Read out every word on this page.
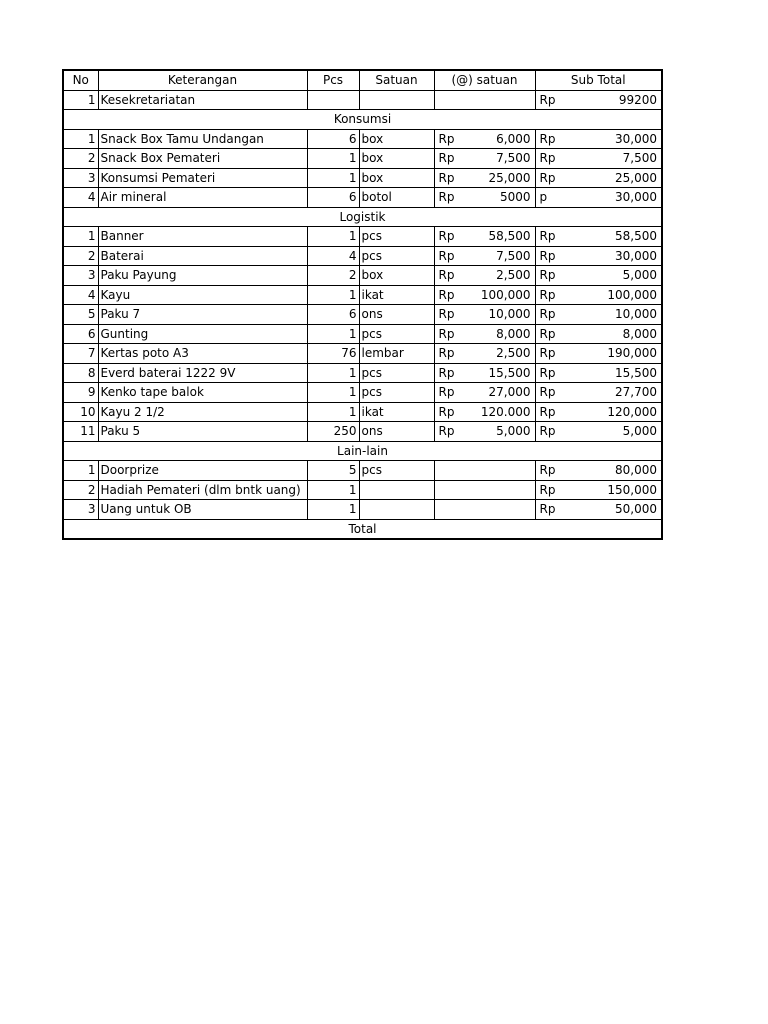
No	Keterangan	Pcs	Satuan	(@) satuan	Sub Total
1	Kesekretariatan				Rp 99200

Konsumsi					
1	Snack Box Tamu Undangan	6	box	Rp 6,000	Rp 30,000

2	Snack Box Pemateri	1	box	Rp 7,500	Rp 7,500

3	Konsumsi Pemateri	1	box	Rp 25,000	Rp 25,000

4	Air mineral	6	botol	Rp 5000	p 30,000

Logistik					
1	Banner	1	pcs	Rp 58,500	Rp 58,500

2	Baterai	4	pcs	Rp 7,500	Rp 30,000

3	Paku Payung	2	box	Rp 2,500	Rp 5,000

4	Kayu	1	ikat	Rp 100,000	Rp 100,000

5	Paku 7	6	ons	Rp 10,000	Rp 10,000

6	Gunting	1	pcs	Rp 8,000	Rp 8,000

7	Kertas poto A3	76	lembar	Rp 2,500	Rp 190,000

8	Everd baterai 1222 9V	1	pcs	Rp 15,500	Rp 15,500

9	Kenko tape balok	1	pcs	Rp 27,000	Rp 27,700

10	Kayu 2 1/2	1	ikat	Rp 120.000	Rp 120,000

11	Paku 5	250	ons	Rp 5,000	Rp 5,000

Lain-lain					
1	Doorprize	5	pcs		Rp 80,000

2	Hadiah Pemateri (dlm bntk uang)	1			Rp 150,000

3	Uang untuk OB	1			Rp 50,000

Total					
